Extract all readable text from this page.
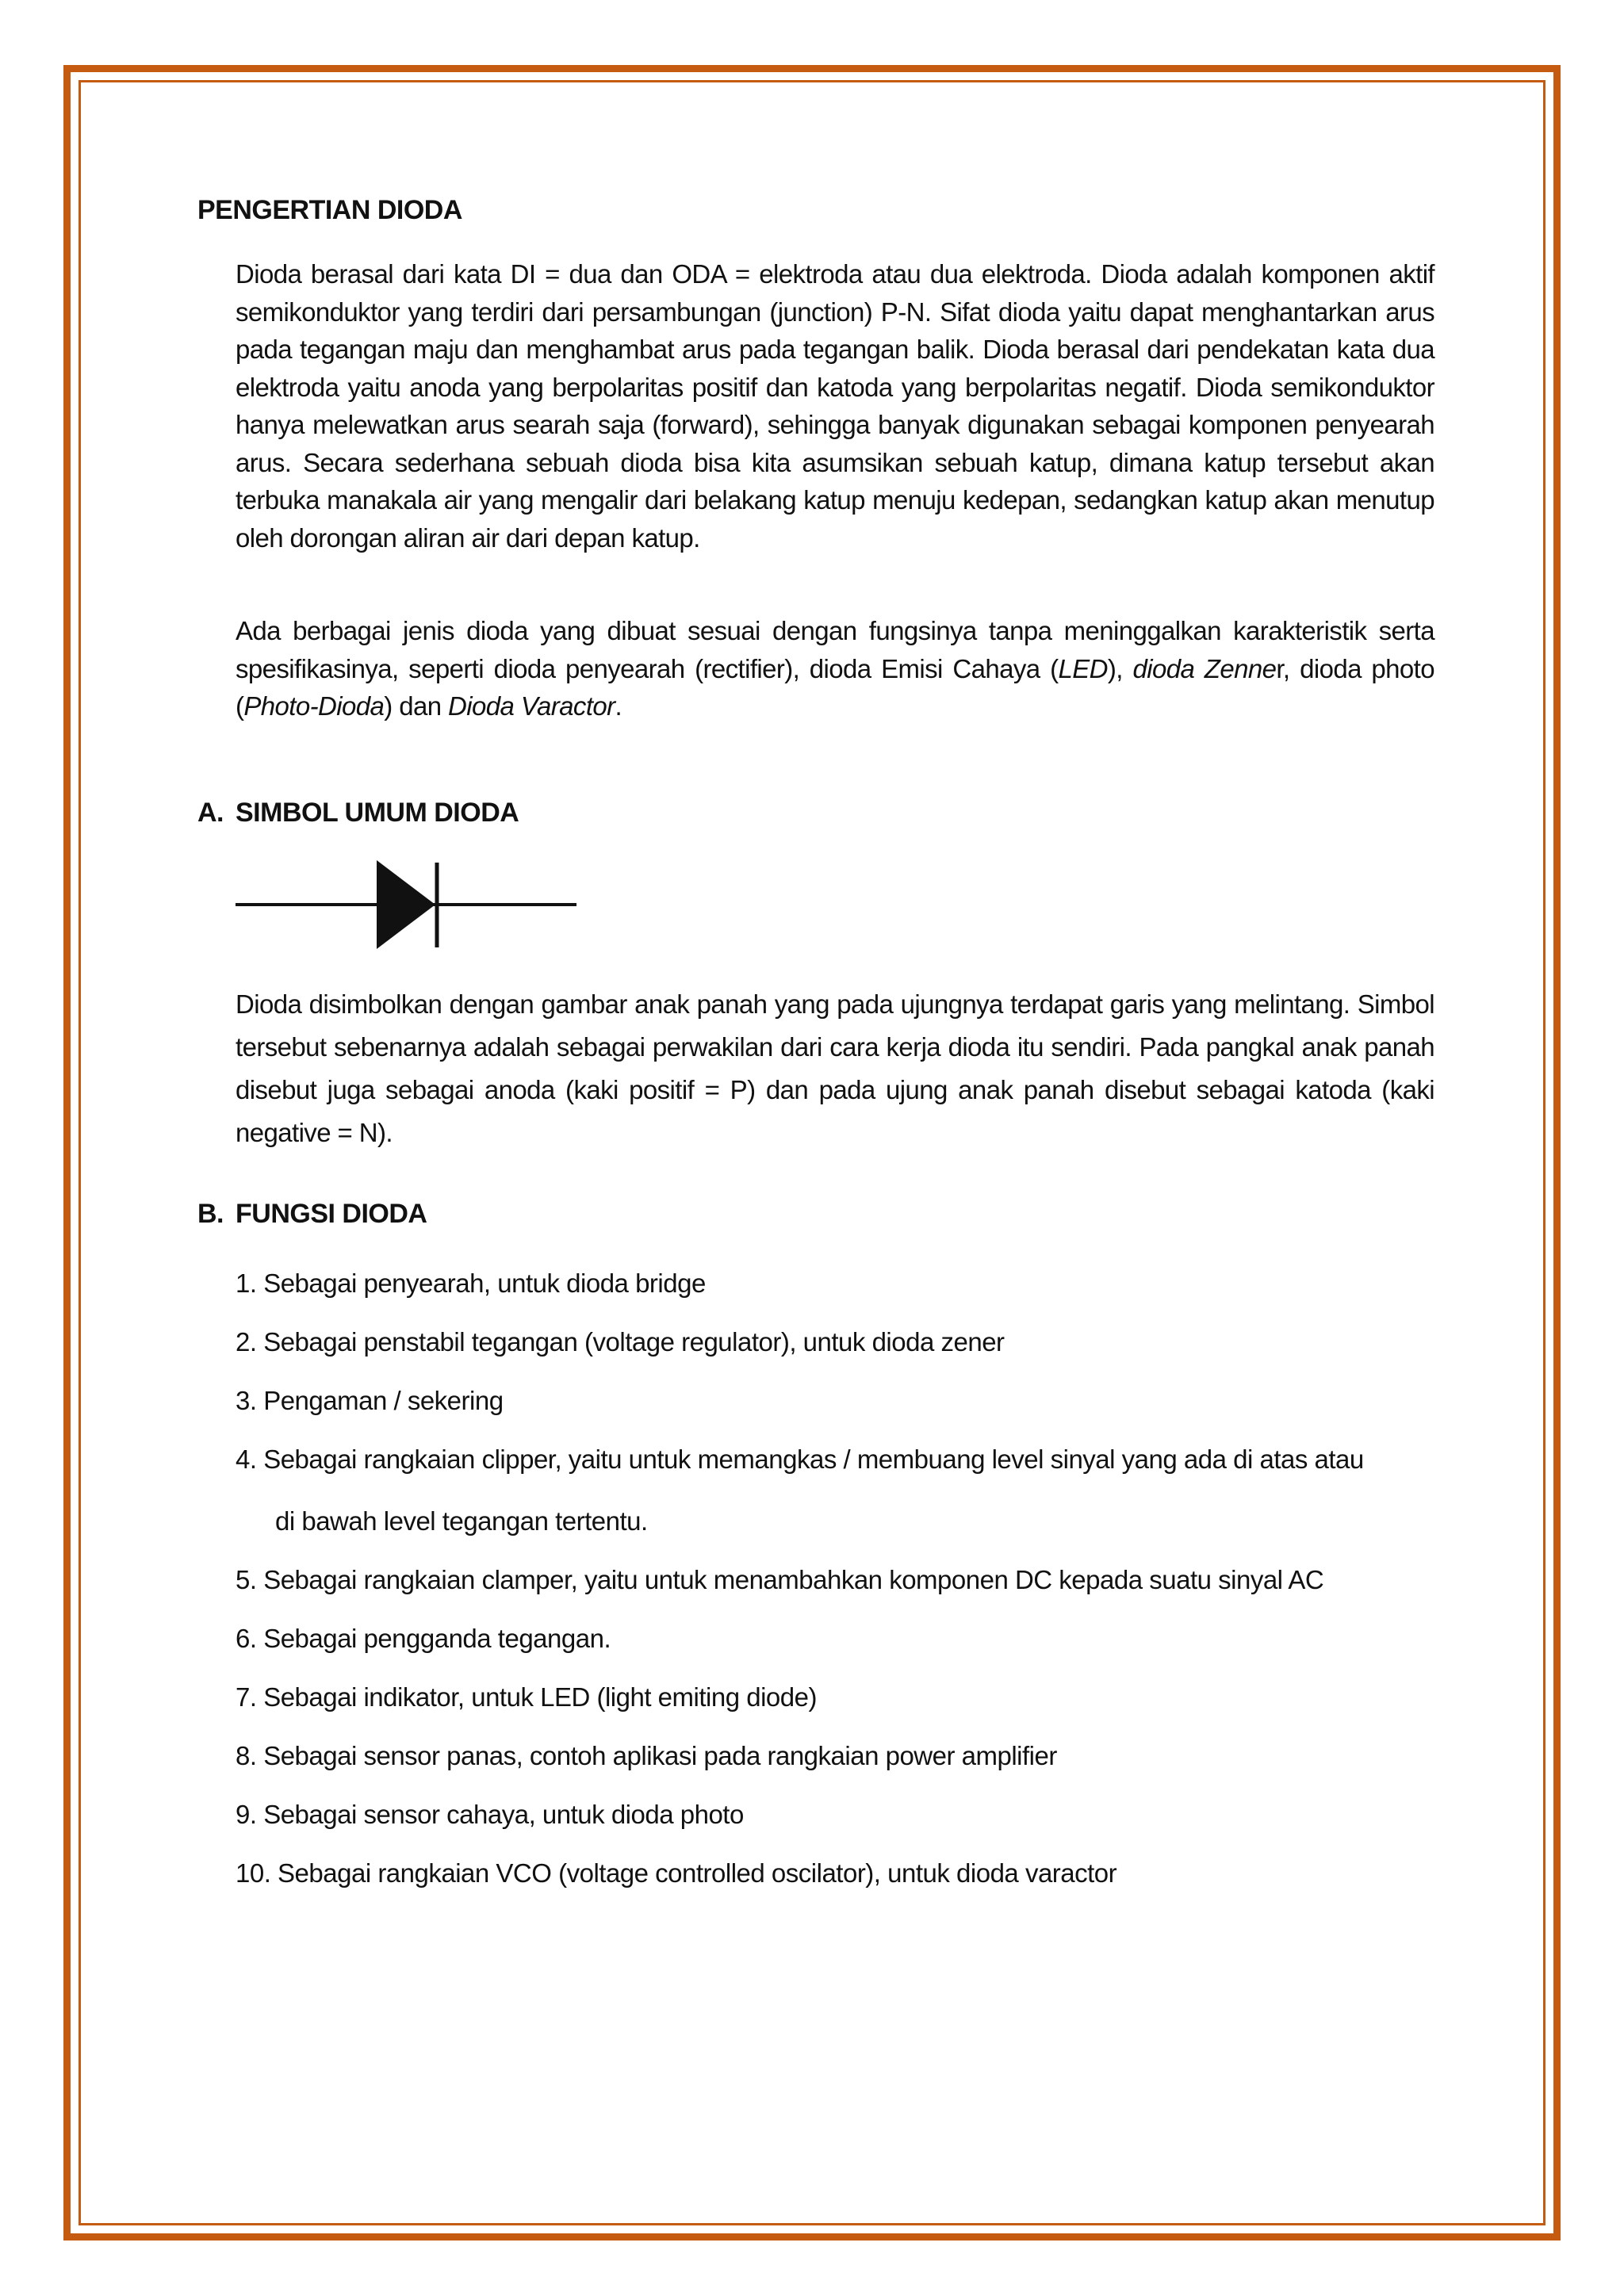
PENGERTIAN DIODA

Dioda berasal dari kata DI = dua dan ODA = elektroda atau dua elektroda. Dioda adalah komponen aktif semikonduktor yang terdiri dari persambungan (junction) P-N. Sifat dioda yaitu dapat menghantarkan arus pada tegangan maju dan menghambat arus pada tegangan balik. Dioda berasal dari pendekatan kata dua elektroda yaitu anoda yang berpolaritas positif dan katoda yang berpolaritas negatif. Dioda semikonduktor hanya melewatkan arus searah saja (forward), sehingga banyak digunakan sebagai komponen penyearah arus. Secara sederhana sebuah dioda bisa kita asumsikan sebuah katup, dimana katup tersebut akan terbuka manakala air yang mengalir dari belakang katup menuju kedepan, sedangkan katup akan menutup oleh dorongan aliran air dari depan katup.

Ada berbagai jenis dioda yang dibuat sesuai dengan fungsinya tanpa meninggalkan karakteristik serta spesifikasinya, seperti dioda penyearah (rectifier), dioda Emisi Cahaya (LED), dioda Zenner, dioda photo (Photo-Dioda) dan Dioda Varactor.

A. SIMBOL UMUM DIODA

Dioda disimbolkan dengan gambar anak panah yang pada ujungnya terdapat garis yang melintang. Simbol tersebut sebenarnya adalah sebagai perwakilan dari cara kerja dioda itu sendiri. Pada pangkal anak panah disebut juga sebagai anoda (kaki positif = P) dan pada ujung anak panah disebut sebagai katoda (kaki negative = N).

B. FUNGSI DIODA
1. Sebagai penyearah, untuk dioda bridge
2. Sebagai penstabil tegangan (voltage regulator), untuk dioda zener
3. Pengaman / sekering
4. Sebagai rangkaian clipper, yaitu untuk memangkas / membuang level sinyal yang ada di atas atau
di bawah level tegangan tertentu.
5. Sebagai rangkaian clamper, yaitu untuk menambahkan komponen DC kepada suatu sinyal AC
6. Sebagai pengganda tegangan.
7. Sebagai indikator, untuk LED (light emiting diode)
8. Sebagai sensor panas, contoh aplikasi pada rangkaian power amplifier
9. Sebagai sensor cahaya, untuk dioda photo
10. Sebagai rangkaian VCO (voltage controlled oscilator), untuk dioda varactor
